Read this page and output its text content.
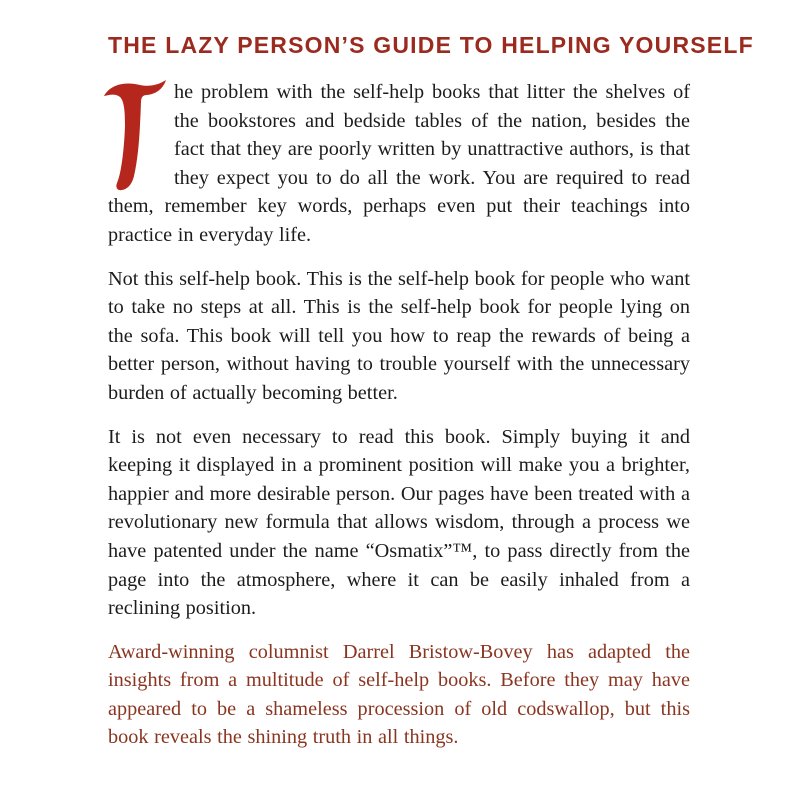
THE LAZY PERSON’S GUIDE TO HELPING YOURSELF

he problem with the self-help books that litter the shelves of the bookstores and bedside tables of the nation, besides the fact that they are poorly written by unattractive authors, is that they expect you to do all the work. You are required to read them, remember key words, perhaps even put their teachings into practice in everyday life.

Not this self-help book. This is the self-help book for people who want to take no steps at all. This is the self-help book for people lying on the sofa. This book will tell you how to reap the rewards of being a better person, without having to trouble yourself with the unnecessary burden of actually becoming better.

It is not even necessary to read this book. Simply buying it and keeping it displayed in a prominent position will make you a brighter, happier and more desirable person. Our pages have been treated with a revolutionary new formula that allows wisdom, through a process we have patented under the name “Osmatix”™, to pass directly from the page into the atmosphere, where it can be easily inhaled from a reclining position.

Award-winning columnist Darrel Bristow-Bovey has adapted the insights from a multitude of self-help books. Before they may have appeared to be a shameless procession of old codswallop, but this book reveals the shining truth in all things.
